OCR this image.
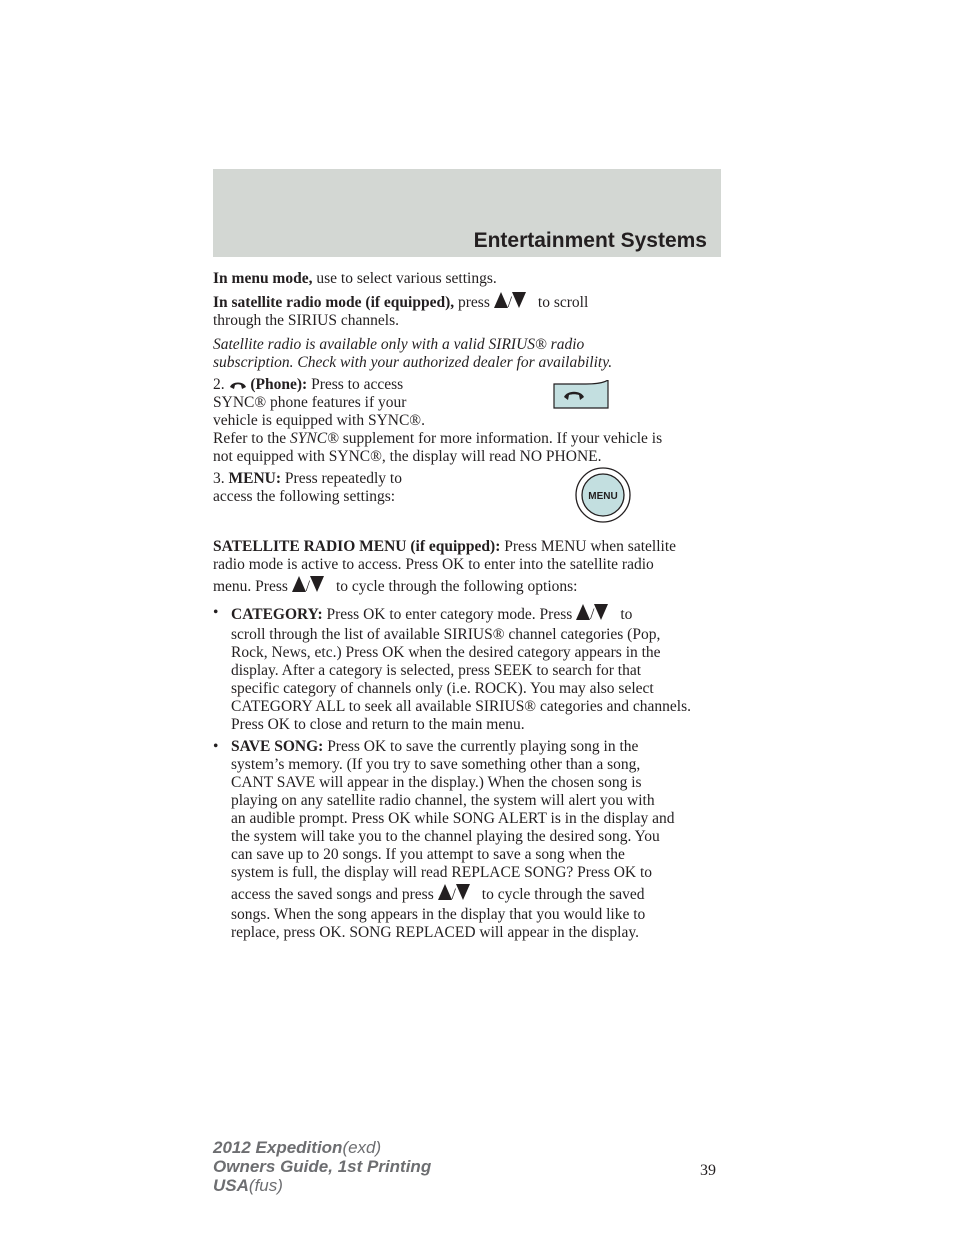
Entertainment Systems
In menu mode, use to select various settings.
In satellite radio mode (if equipped), press / to scroll
through the SIRIUS channels.
Satellite radio is available only with a valid SIRIUS® radio
subscription. Check with your authorized dealer for availability.
2. (Phone): Press to access
SYNC® phone features if your
vehicle is equipped with SYNC®.
Refer to the SYNC® supplement for more information. If your vehicle is
not equipped with SYNC®, the display will read NO PHONE.
3. MENU: Press repeatedly to
access the following settings:
SATELLITE RADIO MENU (if equipped): Press MENU when satellite
radio mode is active to access. Press OK to enter into the satellite radio
menu. Press / to cycle through the following options:
• CATEGORY: Press OK to enter category mode. Press / to
scroll through the list of available SIRIUS® channel categories (Pop,
Rock, News, etc.) Press OK when the desired category appears in the
display. After a category is selected, press SEEK to search for that
specific category of channels only (i.e. ROCK). You may also select
CATEGORY ALL to seek all available SIRIUS® categories and channels.
Press OK to close and return to the main menu.
• SAVE SONG: Press OK to save the currently playing song in the
system’s memory. (If you try to save something other than a song,
CANT SAVE will appear in the display.) When the chosen song is
playing on any satellite radio channel, the system will alert you with
an audible prompt. Press OK while SONG ALERT is in the display and
the system will take you to the channel playing the desired song. You
can save up to 20 songs. If you attempt to save a song when the
system is full, the display will read REPLACE SONG? Press OK to
access the saved songs and press / to cycle through the saved
songs. When the song appears in the display that you would like to
replace, press OK. SONG REPLACED will appear in the display.
MENU
39
2012 Expedition(exd)
Owners Guide, 1st Printing
USA(fus)
